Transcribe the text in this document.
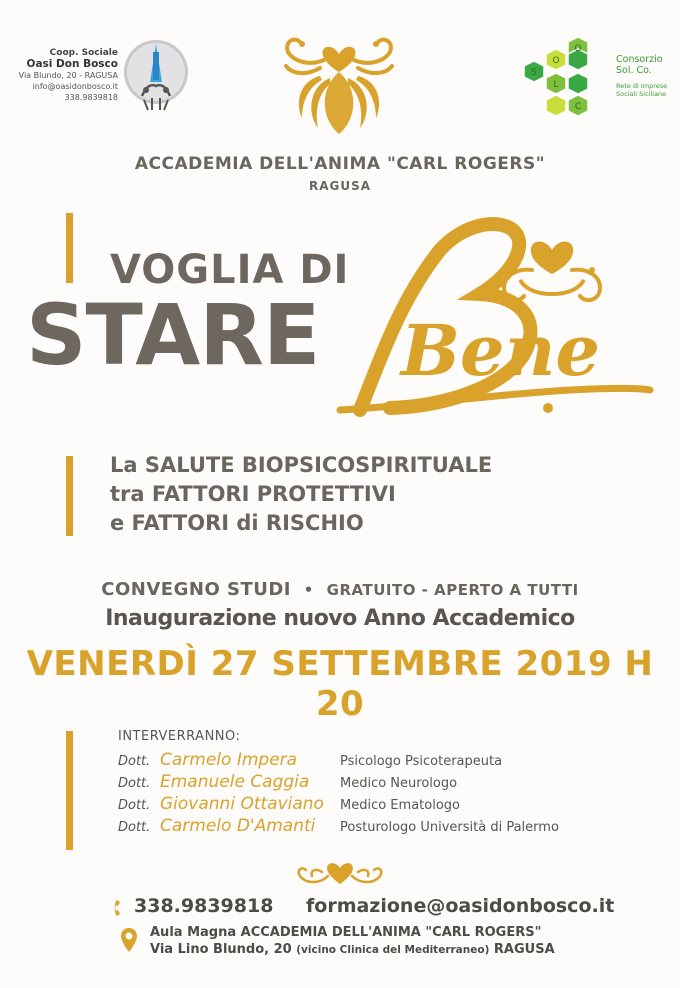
Coop. Sociale
Oasi Don Bosco
Via Blundo, 20 - RAGUSA
info@oasidonbosco.it
338.9839818
O
S
O
L
C
Consorzio
Sol. Co.
Rete di Imprese
Sociali Siciliane
ACCADEMIA DELL'ANIMA "CARL ROGERS"
RAGUSA
VOGLIA DI
STARE Bene
La SALUTE BIOPSICOSPIRITUALE
tra FATTORI PROTETTIVI
e FATTORI di RISCHIO
CONVEGNO STUDI • GRATUITO - APERTO A TUTTI
Inaugurazione nuovo Anno Accademico
VENERDÌ 27 SETTEMBRE 2019 H 20
INTERVERRANNO:
Dott. Carmelo Impera	Psicologo Psicoterapeuta
Dott. Emanuele Caggia Medico Neurologo
Dott. Giovanni Ottaviano Medico Ematologo
Dott. Carmelo D'Amanti Posturologo Università di Palermo
338.9839818 formazione@oasidonbosco.it
Aula Magna ACCADEMIA DELL'ANIMA "CARL ROGERS"
Via Lino Blundo, 20 (vicino Clinica del Mediterraneo) RAGUSA
